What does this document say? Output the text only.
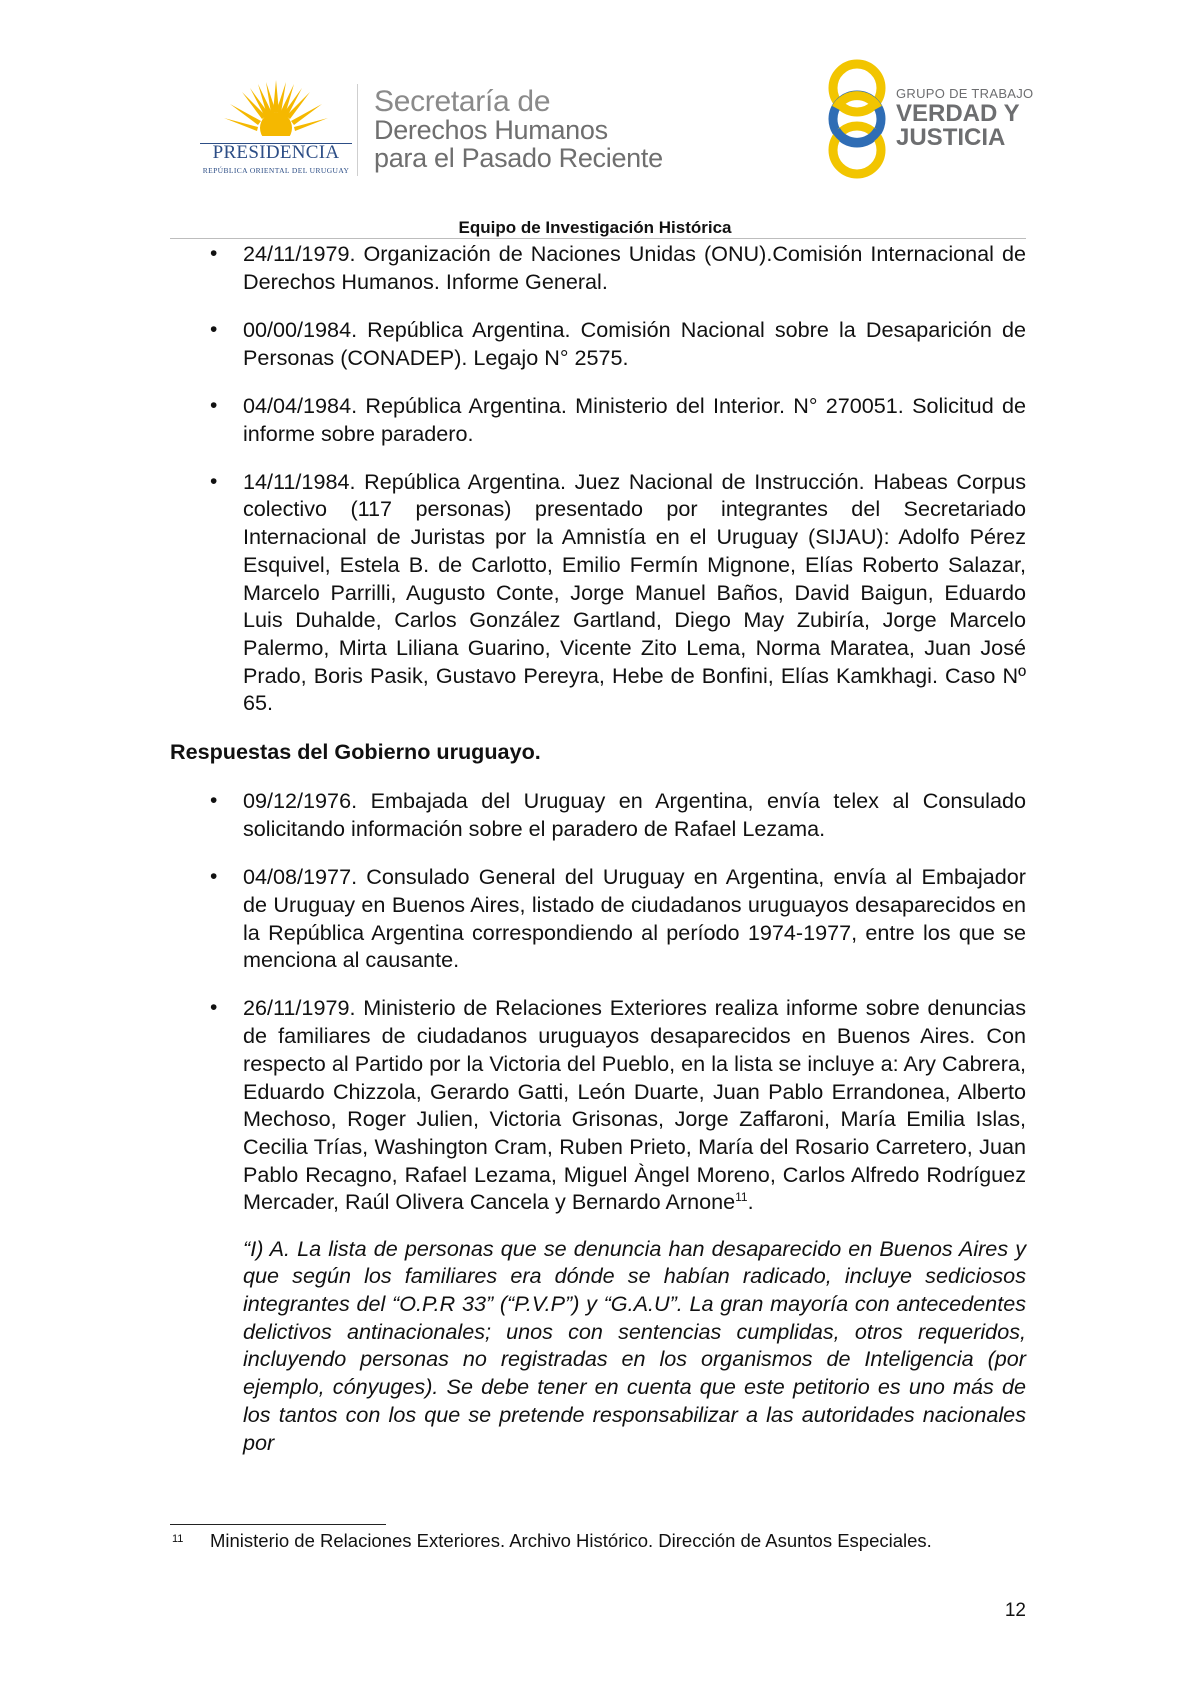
PRESIDENCIA
REPÚBLICA ORIENTAL DEL URUGUAY
Secretaría de
Derechos Humanos
para el Pasado Reciente
GRUPO DE TRABAJO
VERDAD Y
JUSTICIA
Equipo de Investigación Histórica
• 24/11/1979. Organización de Naciones Unidas (ONU).Comisión Internacional de Derechos Humanos. Informe General.
• 00/00/1984. República Argentina. Comisión Nacional sobre la Desaparición de Personas (CONADEP). Legajo N° 2575.
• 04/04/1984. República Argentina. Ministerio del Interior. N° 270051. Solicitud de informe sobre paradero.
• 14/11/1984. República Argentina. Juez Nacional de Instrucción. Habeas Corpus colectivo (117 personas) presentado por integrantes del Secretariado Internacional de Juristas por la Amnistía en el Uruguay (SIJAU): Adolfo Pérez Esquivel, Estela B. de Carlotto, Emilio Fermín Mignone, Elías Roberto Salazar, Marcelo Parrilli, Augusto Conte, Jorge Manuel Baños, David Baigun, Eduardo Luis Duhalde, Carlos González Gartland, Diego May Zubiría, Jorge Marcelo Palermo, Mirta Liliana Guarino, Vicente Zito Lema, Norma Maratea, Juan José Prado, Boris Pasik, Gustavo Pereyra, Hebe de Bonfini, Elías Kamkhagi. Caso Nº 65.
Respuestas del Gobierno uruguayo.
• 09/12/1976. Embajada del Uruguay en Argentina, envía telex al Consulado solicitando información sobre el paradero de Rafael Lezama.
• 04/08/1977. Consulado General del Uruguay en Argentina, envía al Embajador de Uruguay en Buenos Aires, listado de ciudadanos uruguayos desaparecidos en la República Argentina correspondiendo al período 1974-1977, entre los que se menciona al causante.
• 26/11/1979. Ministerio de Relaciones Exteriores realiza informe sobre denuncias de familiares de ciudadanos uruguayos desaparecidos en Buenos Aires. Con respecto al Partido por la Victoria del Pueblo, en la lista se incluye a: Ary Cabrera, Eduardo Chizzola, Gerardo Gatti, León Duarte, Juan Pablo Errandonea, Alberto Mechoso, Roger Julien, Victoria Grisonas, Jorge Zaffaroni, María Emilia Islas, Cecilia Trías, Washington Cram, Ruben Prieto, María del Rosario Carretero, Juan Pablo Recagno, Rafael Lezama, Miguel Àngel Moreno, Carlos Alfredo Rodríguez Mercader, Raúl Olivera Cancela y Bernardo Arnone$^{11}$.
“I) A. La lista de personas que se denuncia han desaparecido en Buenos Aires y que según los familiares era dónde se habían radicado, incluye sediciosos integrantes del “O.P.R 33” (“P.V.P”) y “G.A.U”. La gran mayoría con antecedentes delictivos antinacionales; unos con sentencias cumplidas, otros requeridos, incluyendo personas no registradas en los organismos de Inteligencia (por ejemplo, cónyuges). Se debe tener en cuenta que este petitorio es uno más de los tantos con los que se pretende responsabilizar a las autoridades nacionales por
11 Ministerio de Relaciones Exteriores. Archivo Histórico. Dirección de Asuntos Especiales.
12
